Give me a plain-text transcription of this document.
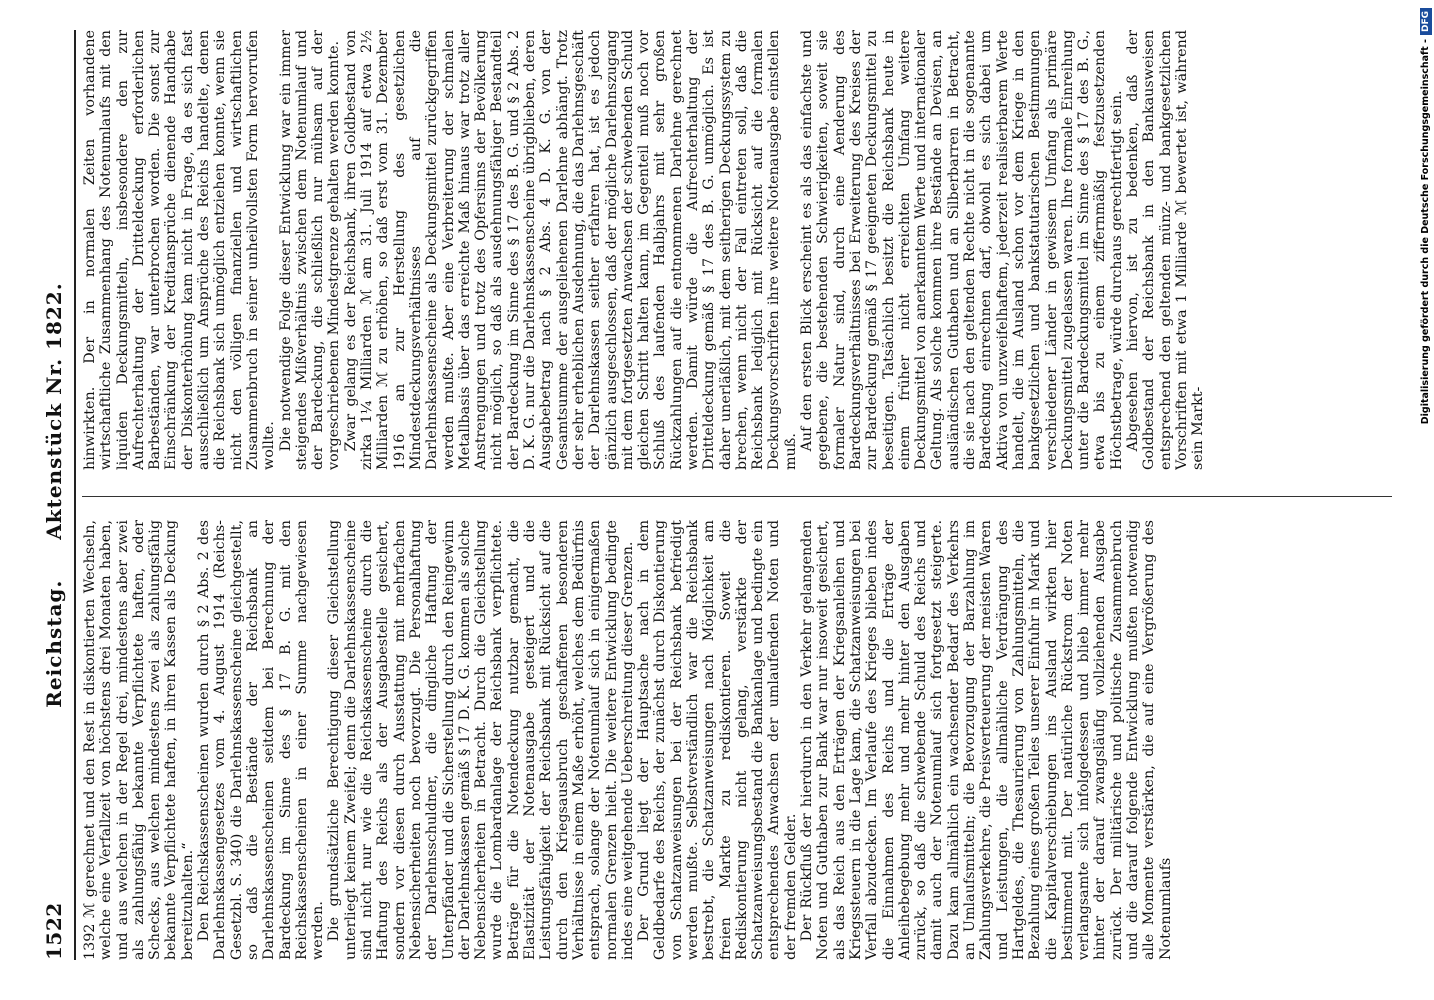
1522
Reichstag.     Aktenstück Nr. 1822.

1392 ℳ gerechnet und den Rest in diskontierten Wechseln, welche eine Verfallzeit von höchstens drei Monaten haben, und aus welchen in der Regel drei, mindestens aber zwei als zahlungsfähig bekannte Verpflichtete haften, oder Schecks, aus welchen mindestens zwei als zahlungsfähig bekannte Verpflichtete haften, in ihren Kassen als Deckung bereitzuhalten.“ Den Reichskassenscheinen wurden durch § 2 Abs. 2 des Darlehnskassengesetzes vom 4. August 1914 (Reichs-Gesetzbl. S. 340) die Darlehnskassenscheine gleichgestellt, so daß die Bestände der Reichsbank an Darlehnskassenscheinen seitdem bei Berechnung der Bardeckung im Sinne des § 17 B. G. mit den Reichskassenscheinen in einer Summe nachgewiesen werden. Die grundsätzliche Berechtigung dieser Gleichstellung unterliegt keinem Zweifel; denn die Darlehnskassenscheine sind nicht nur wie die Reichskassenscheine durch die Haftung des Reichs als der Ausgabestelle gesichert, sondern vor diesen durch Ausstattung mit mehrfachen Nebensicherheiten noch bevorzugt. Die Personalhaftung der Darlehnsschuldner, die dingliche Haftung der Unterpfänder und die Sicherstellung durch den Reingewinn der Darlehnskassen gemäß § 17 D. K. G. kommen als solche Nebensicherheiten in Betracht. Durch die Gleichstellung wurde die Lombardanlage der Reichsbank verpflichtete. Beträge für die Notendeckung nutzbar gemacht, die Elastizität der Notenausgabe gesteigert und die Leistungsfähigkeit der Reichsbank mit Rücksicht auf die durch den Kriegsausbruch geschaffenen besonderen Verhältnisse in einem Maße erhöht, welches dem Bedürfnis entsprach, solange der Notenumlauf sich in einigermaßen normalen Grenzen hielt. Die weitere Entwicklung bedingte indes eine weitgehende Ueberschreitung dieser Grenzen. Der Grund liegt der Hauptsache nach in dem Geldbedarfe des Reichs, der zunächst durch Diskontierung von Schatzanweisungen bei der Reichsbank befriedigt werden mußte. Selbstverständlich war die Reichsbank bestrebt, die Schatzanweisungen nach Möglichkeit am freien Markte zu rediskontieren. Soweit die Rediskontierung nicht gelang, verstärkte der Schatzanweisungsbestand die Bankanlage und bedingte ein entsprechendes Anwachsen der umlaufenden Noten und der fremden Gelder. Der Rückfluß der hierdurch in den Verkehr gelangenden Noten und Guthaben zur Bank war nur insoweit gesichert, als das Reich aus den Erträgen der Kriegsanleihen und Kriegssteuern in die Lage kam, die Schatzanweisungen bei Verfall abzudecken. Im Verlaufe des Krieges blieben indes die Einnahmen des Reichs und die Erträge der Anleihebegebung mehr und mehr hinter den Ausgaben zurück, so daß die schwebende Schuld des Reichs und damit auch der Notenumlauf sich fortgesetzt steigerte. Dazu kam allmählich ein wachsender Bedarf des Verkehrs an Umlaufsmitteln; die Bevorzugung der Barzahlung im Zahlungsverkehre, die Preisverteuerung der meisten Waren und Leistungen, die allmähliche Verdrängung des Hartgeldes, die Thesaurierung von Zahlungsmitteln, die Bezahlung eines großen Teiles unserer Einfuhr in Mark und die Kapitalverschiebungen ins Ausland wirkten hier bestimmend mit. Der natürliche Rückstrom der Noten verlangsamte sich infolgedessen und blieb immer mehr hinter der darauf zwangsläufig vollziehenden Ausgabe zurück. Der militärische und politische Zusammenbruch und die darauf folgende Entwicklung mußten notwendig alle Momente verstärken, die auf eine Vergrößerung des Notenumlaufs

hinwirkten. Der in normalen Zeiten vorhandene wirtschaftliche Zusammenhang des Notenumlaufs mit den liquiden Deckungsmitteln, insbesondere den zur Aufrechterhaltung der Dritteldeckung erforderlichen Barbeständen, war unterbrochen worden. Die sonst zur Einschränkung der Kreditansprüche dienende Handhabe der Diskonterhöhung kam nicht in Frage, da es sich fast ausschließlich um Ansprüche des Reichs handelte, denen die Reichsbank sich unmöglich entziehen konnte, wenn sie nicht den völligen finanziellen und wirtschaftlichen Zusammenbruch in seiner unheilvollsten Form hervorrufen wollte. Die notwendige Folge dieser Entwicklung war ein immer steigendes Mißverhältnis zwischen dem Notenumlauf und der Bardeckung, die schließlich nur mühsam auf der vorgeschriebenen Mindestgrenze gehalten werden konnte. Zwar gelang es der Reichsbank, ihren Goldbestand von zirka 1¼ Milliarden ℳ am 31. Juli 1914 auf etwa 2½ Milliarden ℳ zu erhöhen, so daß erst vom 31. Dezember 1916 an zur Herstellung des gesetzlichen Mindestdeckungsverhältnisses auf die Darlehnskassenscheine als Deckungsmittel zurückgegriffen werden mußte. Aber eine Verbreiterung der schmalen Metallbasis über das erreichte Maß hinaus war trotz aller Anstrengungen und trotz des Opfersinns der Bevölkerung nicht möglich, so daß als ausdehnungsfähiger Bestandteil der Bardeckung im Sinne des § 17 des B. G. und § 2 Abs. 2 D. K. G. nur die Darlehnskassenscheine übrigblieben, deren Ausgabebetrag nach § 2 Abs. 4 D. K. G. von der Gesamtsumme der ausgeliehenen Darlehne abhängt. Trotz der sehr erheblichen Ausdehnung, die das Darlehnsgeschäft der Darlehnskassen seither erfahren hat, ist es jedoch gänzlich ausgeschlossen, daß der mögliche Darlehnszugang mit dem fortgesetzten Anwachsen der schwebenden Schuld gleichen Schritt halten kann, im Gegenteil muß noch vor Schluß des laufenden Halbjahrs mit sehr großen Rückzahlungen auf die entnommenen Darlehne gerechnet werden. Damit würde die Aufrechterhaltung der Dritteldeckung gemäß § 17 des B. G. unmöglich. Es ist daher unerläßlich, mit dem seitherigen Deckungssystem zu brechen, wenn nicht der Fall eintreten soll, daß die Reichsbank lediglich mit Rücksicht auf die formalen Deckungsvorschriften ihre weitere Notenausgabe einstellen muß.

Auf den ersten Blick erscheint es als das einfachste und gegebene, die bestehenden Schwierigkeiten, soweit sie formaler Natur sind, durch eine Aenderung des Bardeckungsverhältnisses bei Erweiterung des Kreises der zur Bardeckung gemäß § 17 geeigneten Deckungsmittel zu beseitigen. Tatsächlich besitzt die Reichsbank heute in einem früher nicht erreichten Umfang weitere Deckungsmittel von anerkanntem Werte und internationaler Geltung. Als solche kommen ihre Bestände an Devisen, an ausländischen Guthaben und an Silberbarren in Betracht, die sie nach den geltenden Rechte nicht in die sogenannte Bardeckung einrechnen darf, obwohl es sich dabei um Aktiva von unzweifelhaftem, jederzeit realisierbarem Werte handelt, die im Ausland schon vor dem Kriege in den bankgesetzlichen und bankstatutarischen Bestimmungen verschiedener Länder in gewissem Umfang als primäre Deckungsmittel zugelassen waren. Ihre formale Einreihung unter die Bardeckungsmittel im Sinne des § 17 des B. G., etwa bis zu einem ziffernmäßig festzusetzenden Höchstbetrage, würde durchaus gerechtfertigt sein. Abgesehen hiervon, ist zu bedenken, daß der Goldbestand der Reichsbank in den Bankausweisen entsprechend den geltenden münz- und bankgesetzlichen Vorschriften mit etwa 1 Milliarde ℳ bewertet ist, während sein Markt-

Digitalisierung gefördert durch die Deutsche Forschungsgemeinschaft -DFG
